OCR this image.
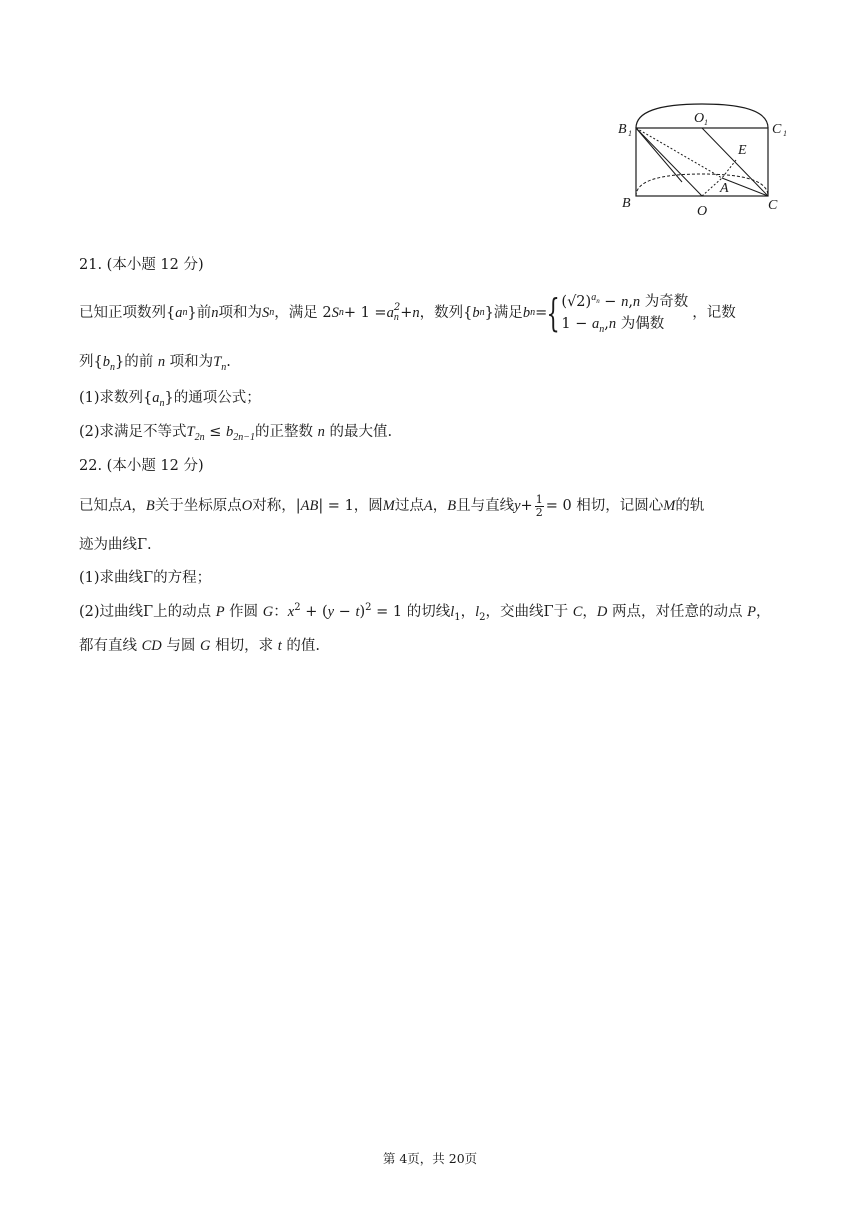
B 1
O 1	C 1
E
A
B
O	C
21. (本小题 12 分)
已知正项数列{ a n }前 n 项和为 S n ，满足 2 S n + 1 = a 2
n + n ，数列{ b n }满足 b n = { $(√2)^{a_n} - n,n$ 为奇数
$1 - a_n,n$ 为偶数
，记数
列$\{b_n\}$的前 n 项和为$T_n$.
(1)求数列$\{a_n\}$的通项公式；
(2)求满足不等式$T_{2n} \le b_{2n-1}$的正整数 n 的最大值.
22. (本小题 12 分)
已知点 A ， B 关于坐标原点 O 对称，| AB | = 1，圆 M 过点 A ， B 且与直线 $y + \frac{1}{2} = 0$ 相切，记圆心 M 的轨
迹为曲线Γ.
(1)求曲线Γ的方程；
(2)过曲线Γ上的动点 P 作圆 G：$x^2 + (y - t)^2 = 1$ 的切线$l_1$，$l_2$，交曲线Γ于 C，D 两点，对任意的动点 P，
都有直线 CD 与圆 G 相切，求 t 的值.
第 4页，共 20页
